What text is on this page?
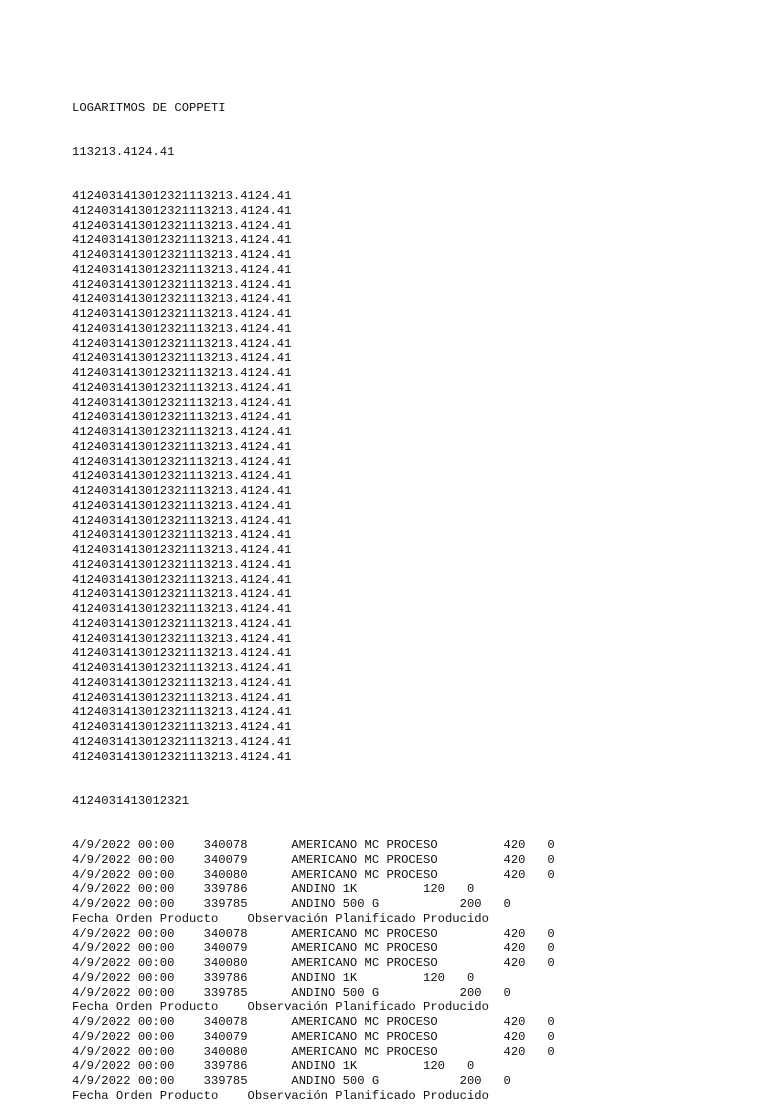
LOGARITMOS DE COPPETI

113213.4124.41

4124031413012321113213.4124.41
4124031413012321113213.4124.41
4124031413012321113213.4124.41
4124031413012321113213.4124.41
4124031413012321113213.4124.41
4124031413012321113213.4124.41
4124031413012321113213.4124.41
4124031413012321113213.4124.41
4124031413012321113213.4124.41
4124031413012321113213.4124.41
4124031413012321113213.4124.41
4124031413012321113213.4124.41
4124031413012321113213.4124.41
4124031413012321113213.4124.41
4124031413012321113213.4124.41
4124031413012321113213.4124.41
4124031413012321113213.4124.41
4124031413012321113213.4124.41
4124031413012321113213.4124.41
4124031413012321113213.4124.41
4124031413012321113213.4124.41
4124031413012321113213.4124.41
4124031413012321113213.4124.41
4124031413012321113213.4124.41
4124031413012321113213.4124.41
4124031413012321113213.4124.41
4124031413012321113213.4124.41
4124031413012321113213.4124.41
4124031413012321113213.4124.41
4124031413012321113213.4124.41
4124031413012321113213.4124.41
4124031413012321113213.4124.41
4124031413012321113213.4124.41
4124031413012321113213.4124.41
4124031413012321113213.4124.41
4124031413012321113213.4124.41
4124031413012321113213.4124.41
4124031413012321113213.4124.41
4124031413012321113213.4124.41

4124031413012321

4/9/2022 00:00    340078      AMERICANO MC PROCESO         420   0
4/9/2022 00:00    340079      AMERICANO MC PROCESO         420   0
4/9/2022 00:00    340080      AMERICANO MC PROCESO         420   0
4/9/2022 00:00    339786      ANDINO 1K         120   0
4/9/2022 00:00    339785      ANDINO 500 G           200   0
Fecha Orden Producto    Observación Planificado Producido
4/9/2022 00:00    340078      AMERICANO MC PROCESO         420   0
4/9/2022 00:00    340079      AMERICANO MC PROCESO         420   0
4/9/2022 00:00    340080      AMERICANO MC PROCESO         420   0
4/9/2022 00:00    339786      ANDINO 1K         120   0
4/9/2022 00:00    339785      ANDINO 500 G           200   0
Fecha Orden Producto    Observación Planificado Producido
4/9/2022 00:00    340078      AMERICANO MC PROCESO         420   0
4/9/2022 00:00    340079      AMERICANO MC PROCESO         420   0
4/9/2022 00:00    340080      AMERICANO MC PROCESO         420   0
4/9/2022 00:00    339786      ANDINO 1K         120   0
4/9/2022 00:00    339785      ANDINO 500 G           200   0
Fecha Orden Producto    Observación Planificado Producido
